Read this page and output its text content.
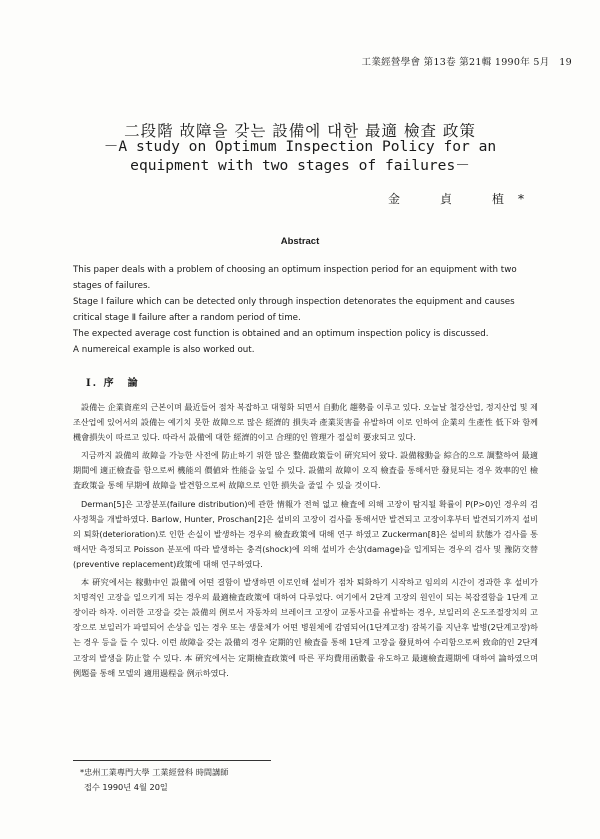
工業經營學會 第13卷 第21輯 1990年 5月　19
二段階 故障을 갖는 設備에 대한 最適 檢査 政策
－A study on Optimum Inspection Policy for an equipment with two stages of failures－
金　貞　植*
Abstract

This paper deals with a problem of choosing an optimum inspection period for an equipment with two stages of failures.

Stage I failure which can be detected only through inspection detenorates the equipment and causes critical stage Ⅱ failure after a random period of time.

The expected average cost function is obtained and an optimum inspection policy is discussed.

A numereical example is also worked out.

Ⅰ. 序　論

設備는 企業資産의 근본이며 最近들어 점차 복잡하고 대형화 되면서 自動化 趨勢를 이루고 있다. 오늘날 철강산업, 정지산업 및 제조산업에 있어서의 設備는 예기치 못한 故障으로 많은 經濟的 損失과 產業災害를 유발하며 이로 인하여 企業의 生產性 低下와 함께 機會損失이 따르고 있다. 따라서 設備에 대한 經濟的이고 合理的인 管理가 절실히 要求되고 있다.

지금까지 設備의 故障을 가능한 사전에 防止하기 위한 많은 整備政策들이 硏究되어 왔다. 設備稼動을 綜合的으로 調整하여 最適期間에 適正檢査를 함으로써 機能의 價値와 性能을 높일 수 있다. 設備의 故障이 오직 檢査를 통해서만 發見되는 경우 效率的인 檢査政策을 통해 早期에 故障을 발견함으로써 故障으로 인한 損失을 줄일 수 있을 것이다.

Derman[5]은 고장분포(failure distribution)에 관한 情報가 전혀 없고 檢査에 의해 고장이 탐지될 확률이 P(P>0)인 경우의 검사정책을 개발하였다. Barlow, Hunter, Proschan[2]은 설비의 고장이 검사를 통해서만 발견되고 고장이후부터 발견되기까지 설비의 퇴화(deterioration)로 인한 손실이 발생하는 경우의 檢査政策에 대해 연구 하였고 Zuckerman[8]은 설비의 狀態가 검사를 통해서만 측정되고 Poisson 분포에 따라 발생하는 충격(shock)에 의해 설비가 손상(damage)을 입게되는 경우의 검사 및 豫防交替(preventive replacement)政策에 대해 연구하였다.

本 硏究에서는 稼動中인 設備에 어떤 결함이 발생하면 이로인해 설비가 점차 퇴화하기 시작하고 임의의 시간이 경과한 후 설비가 치명적인 고장을 일으키게 되는 경우의 最適檢査政策에 대하여 다루었다. 여기에서 2단계 고장의 원인이 되는 복잡결함을 1단계 고장이라 하자. 이러한 고장을 갖는 設備의 例로서 자동차의 브레이크 고장이 교통사고를 유발하는 경우, 보일러의 온도조절장치의 고장으로 보일러가 파열되어 손상을 입는 경우 또는 생물체가 어떤 병원체에 감염되어(1단계고장) 잠복기를 지난후 발병(2단계고장)하는 경우 등을 들 수 있다. 이런 故障을 갖는 設備의 경우 定期的인 檢査를 통해 1단계 고장을 發見하여 수리함으로써 致命的인 2단계 고장의 발생을 防止할 수 있다. 本 硏究에서는 定期檢査政策에 따른 平均費用函數를 유도하고 最適檢査週期에 대하여 論하였으며 例題를 통해 모델의 適用過程을 例示하였다.

*忠州工業專門大學 工業經營科 時間講師
접수 1990년 4월 20일
